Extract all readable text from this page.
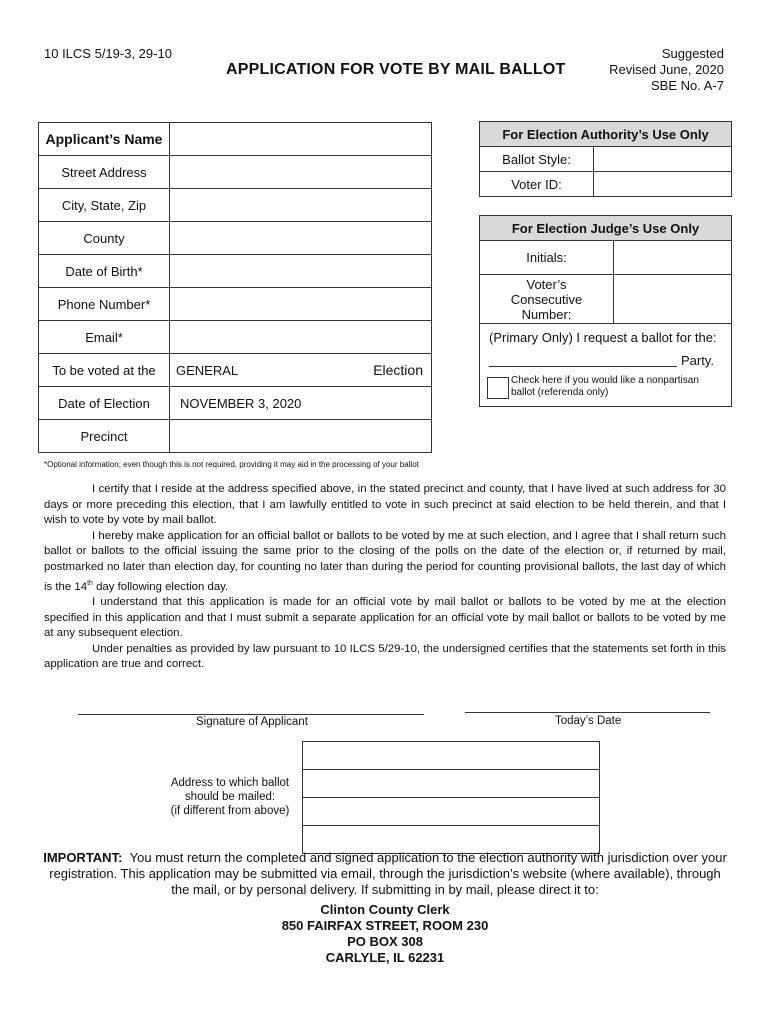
10 ILCS 5/19-3, 29-10
APPLICATION FOR VOTE BY MAIL BALLOT
Suggested
Revised June, 2020
SBE No. A-7
Applicant’s Name	
Street Address	
City, State, Zip	
County	
Date of Birth*	
Phone Number*	
Email*	
To be voted at the	GENERAL Election

Date of Election	NOVEMBER 3, 2020
Precinct	
For Election Authority’s Use Only	
Ballot Style:	
Voter ID:	
For Election Judge’s Use Only	
Initials:	
Voter’s Consecutive Number:	
(Primary Only) I request a ballot for the:
Party.
Check here if you would like a nonpartisan ballot (referenda only)
*Optional information; even though this is not required, providing it may aid in the processing of your ballot

I certify that I reside at the address specified above, in the stated precinct and county, that I have lived at such address for 30 days or more preceding this election, that I am lawfully entitled to vote in such precinct at said election to be held therein, and that I wish to vote by vote by mail ballot.

I hereby make application for an official ballot or ballots to be voted by me at such election, and I agree that I shall return such ballot or ballots to the official issuing the same prior to the closing of the polls on the date of the election or, if returned by mail, postmarked no later than election day, for counting no later than during the period for counting provisional ballots, the last day of which is the 14th day following election day.

I understand that this application is made for an official vote by mail ballot or ballots to be voted by me at the election specified in this application and that I must submit a separate application for an official vote by mail ballot or ballots to be voted by me at any subsequent election.

Under penalties as provided by law pursuant to 10 ILCS 5/29-10, the undersigned certifies that the statements set forth in this application are true and correct.

Signature of Applicant	Today’s Date
Address to which ballot
should be mailed:
(if different from above)

IMPORTANT: You must return the completed and signed application to the election authority with jurisdiction over your registration. This application may be submitted via email, through the jurisdiction’s website (where available), through the mail, or by personal delivery. If submitting in by mail, please direct it to:
Clinton County Clerk
850 FAIRFAX STREET, ROOM 230
PO BOX 308
CARLYLE, IL 62231
